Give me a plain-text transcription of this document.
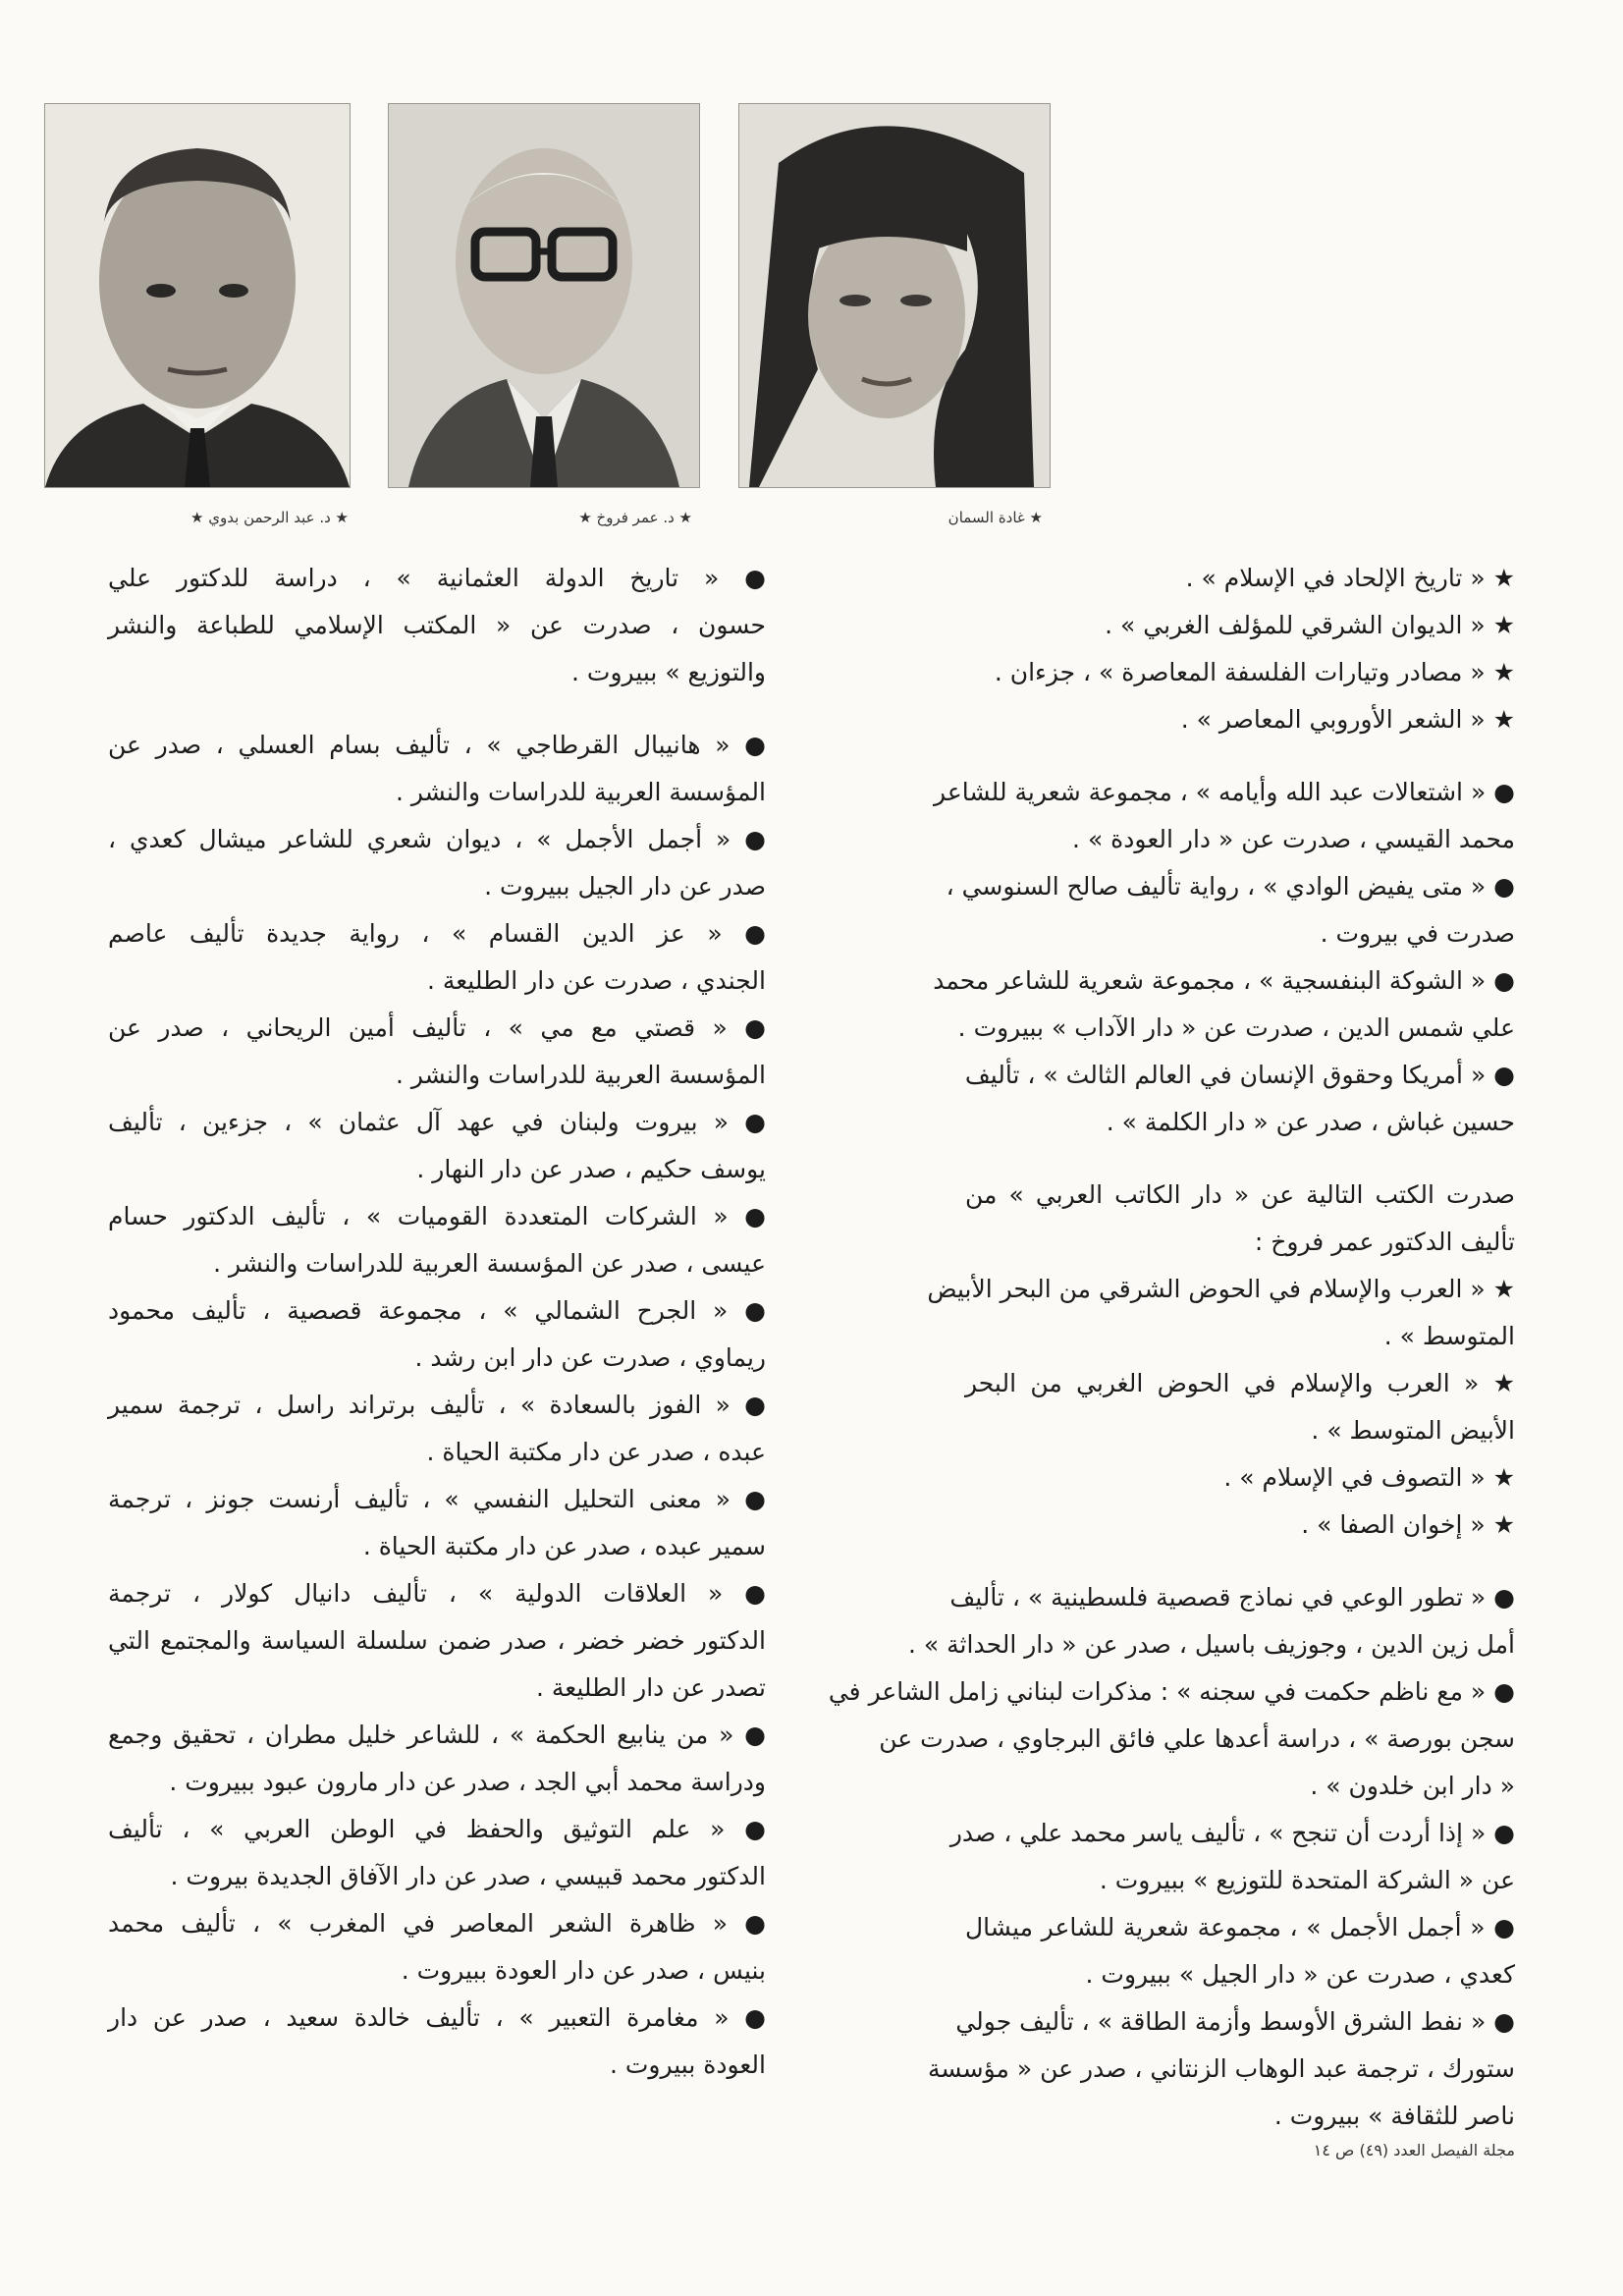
★ غادة السمان
★ د. عمر فروخ ★
★ د. عبد الرحمن بدوي ★
★ « تاريخ الإلحاد في الإسلام » .
★ « الديوان الشرقي للمؤلف الغربي » .
★ « مصادر وتيارات الفلسفة المعاصرة » ، جزءان .
★ « الشعر الأوروبي المعاصر » .
● « اشتعالات عبد الله وأيامه » ، مجموعة شعرية للشاعر
محمد القيسي ، صدرت عن « دار العودة » .
● « متى يفيض الوادي » ، رواية تأليف صالح السنوسي ،
صدرت في بيروت .
● « الشوكة البنفسجية » ، مجموعة شعرية للشاعر محمد
علي شمس الدين ، صدرت عن « دار الآداب » ببيروت .
● « أمريكا وحقوق الإنسان في العالم الثالث » ، تأليف
حسين غباش ، صدر عن « دار الكلمة » .
صدرت الكتب التالية عن « دار الكاتب العربي » من
تأليف الدكتور عمر فروخ :
★ « العرب والإسلام في الحوض الشرقي من البحر الأبيض
المتوسط » .
★ « العرب والإسلام في الحوض الغربي من البحر
الأبيض المتوسط » .
★ « التصوف في الإسلام » .
★ « إخوان الصفا » .
● « تطور الوعي في نماذج قصصية فلسطينية » ، تأليف
أمل زين الدين ، وجوزيف باسيل ، صدر عن « دار الحداثة » .
● « مع ناظم حكمت في سجنه » : مذكرات لبناني زامل الشاعر في
سجن بورصة » ، دراسة أعدها علي فائق البرجاوي ، صدرت عن
« دار ابن خلدون » .
● « إذا أردت أن تنجح » ، تأليف ياسر محمد علي ، صدر
عن « الشركة المتحدة للتوزيع » ببيروت .
● « أجمل الأجمل » ، مجموعة شعرية للشاعر ميشال
كعدي ، صدرت عن « دار الجيل » ببيروت .
● « نفط الشرق الأوسط وأزمة الطاقة » ، تأليف جولي
ستورك ، ترجمة عبد الوهاب الزنتاني ، صدر عن « مؤسسة
ناصر للثقافة » ببيروت .
● « تاريخ الدولة العثمانية » ، دراسة للدكتور علي
حسون ، صدرت عن « المكتب الإسلامي للطباعة والنشر
والتوزيع » ببيروت .
● « هانيبال القرطاجي » ، تأليف بسام العسلي ، صدر عن
المؤسسة العربية للدراسات والنشر .
● « أجمل الأجمل » ، ديوان شعري للشاعر ميشال كعدي ،
صدر عن دار الجيل ببيروت .
● « عز الدين القسام » ، رواية جديدة تأليف عاصم
الجندي ، صدرت عن دار الطليعة .
● « قصتي مع مي » ، تأليف أمين الريحاني ، صدر عن
المؤسسة العربية للدراسات والنشر .
● « بيروت ولبنان في عهد آل عثمان » ، جزءين ، تأليف
يوسف حكيم ، صدر عن دار النهار .
● « الشركات المتعددة القوميات » ، تأليف الدكتور حسام
عيسى ، صدر عن المؤسسة العربية للدراسات والنشر .
● « الجرح الشمالي » ، مجموعة قصصية ، تأليف محمود
ريماوي ، صدرت عن دار ابن رشد .
● « الفوز بالسعادة » ، تأليف برتراند راسل ، ترجمة سمير
عبده ، صدر عن دار مكتبة الحياة .
● « معنى التحليل النفسي » ، تأليف أرنست جونز ، ترجمة
سمير عبده ، صدر عن دار مكتبة الحياة .
● « العلاقات الدولية » ، تأليف دانيال كولار ، ترجمة
الدكتور خضر خضر ، صدر ضمن سلسلة السياسة والمجتمع التي
تصدر عن دار الطليعة .
● « من ينابيع الحكمة » ، للشاعر خليل مطران ، تحقيق وجمع
ودراسة محمد أبي الجد ، صدر عن دار مارون عبود ببيروت .
● « علم التوثيق والحفظ في الوطن العربي » ، تأليف
الدكتور محمد قبيسي ، صدر عن دار الآفاق الجديدة بيروت .
● « ظاهرة الشعر المعاصر في المغرب » ، تأليف محمد
بنيس ، صدر عن دار العودة ببيروت .
● « مغامرة التعبير » ، تأليف خالدة سعيد ، صدر عن دار
العودة ببيروت .
مجلة الفيصل العدد (٤٩) ص ١٤
